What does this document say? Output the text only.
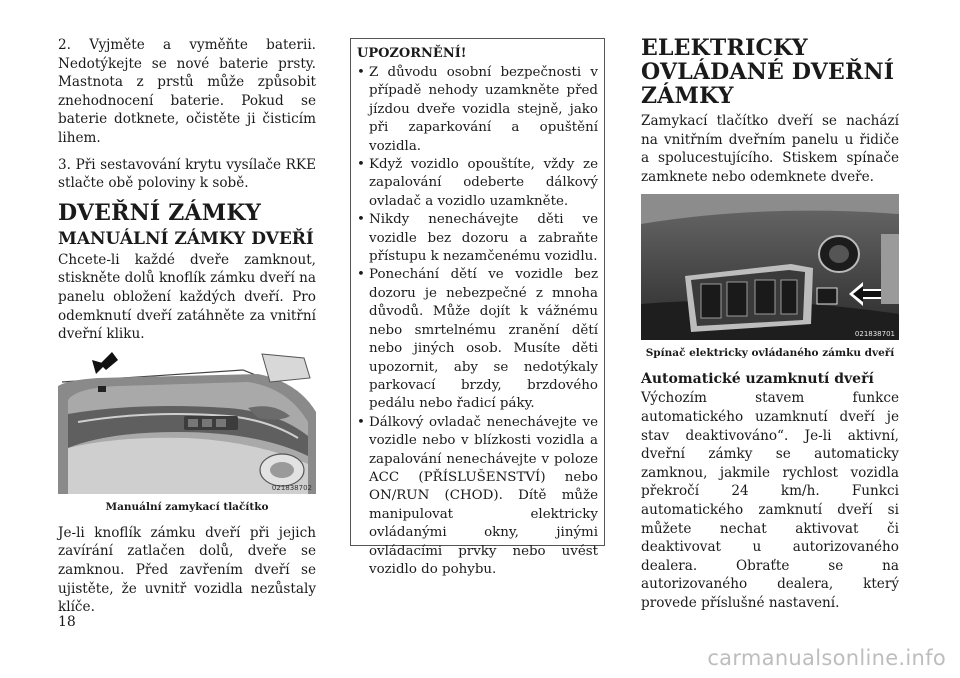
2. Vyjměte a vyměňte baterii. Nedotýkejte se nové baterie prsty. Mastnota z prstů může způsobit znehodnocení baterie. Pokud se baterie dotknete, očistěte ji čisticím lihem.

3. Při sestavování krytu vysílače RKE stlačte obě poloviny k sobě.

DVEŘNÍ ZÁMKY
MANUÁLNÍ ZÁMKY DVEŘÍ

Chcete-li každé dveře zamknout, stiskněte dolů knoflík zámku dveří na panelu obložení každých dveří. Pro odemknutí dveří zatáhněte za vnitřní dveřní kliku.

021838702
Manuální zamykací tlačítko

Je-li knoflík zámku dveří při jejich zavírání zatlačen dolů, dveře se zamknou. Před zavřením dveří se ujistěte, že uvnitř vozidla nezůstaly klíče.

UPOZORNĚNÍ!
• Z důvodu osobní bezpečnosti v případě nehody uzamkněte před jízdou dveře vozidla stejně, jako při zaparkování a opuštění vozidla.
• Když vozidlo opouštíte, vždy ze zapalování odeberte dálkový ovladač a vozidlo uzamkněte.
• Nikdy nenechávejte děti ve vozidle bez dozoru a zabraňte přístupu k nezamčenému vozidlu.
• Ponechání dětí ve vozidle bez dozoru je nebezpečné z mnoha důvodů. Může dojít k vážnému nebo smrtelnému zranění dětí nebo jiných osob. Musíte děti upozornit, aby se nedotýkaly parkovací brzdy, brzdového pedálu nebo řadicí páky.
• Dálkový ovladač nenechávejte ve vozidle nebo v blízkosti vozidla a zapalování nenechávejte v poloze ACC (PŘÍSLUŠENSTVÍ) nebo ON/RUN (CHOD). Dítě může manipulovat elektricky ovládanými okny, jinými ovládacími prvky nebo uvést vozidlo do pohybu.
ELEKTRICKY OVLÁDANÉ DVEŘNÍ ZÁMKY

Zamykací tlačítko dveří se nachází na vnitřním dveřním panelu u řidiče a spolucestujícího. Stiskem spínače zamknete nebo odemknete dveře.

021838701
Spínač elektricky ovládaného zámku dveří
Automatické uzamknutí dveří

Výchozím stavem funkce automatického uzamknutí dveří je stav deaktivováno“. Je-li aktivní, dveřní zámky se automaticky zamknou, jakmile rychlost vozidla překročí 24 km/h. Funkci automatického zamknutí dveří si můžete nechat aktivovat či deaktivovat u autorizovaného dealera. Obraťte se na autorizovaného dealera, který provede příslušné nastavení.

18
carmanualsonline.info
